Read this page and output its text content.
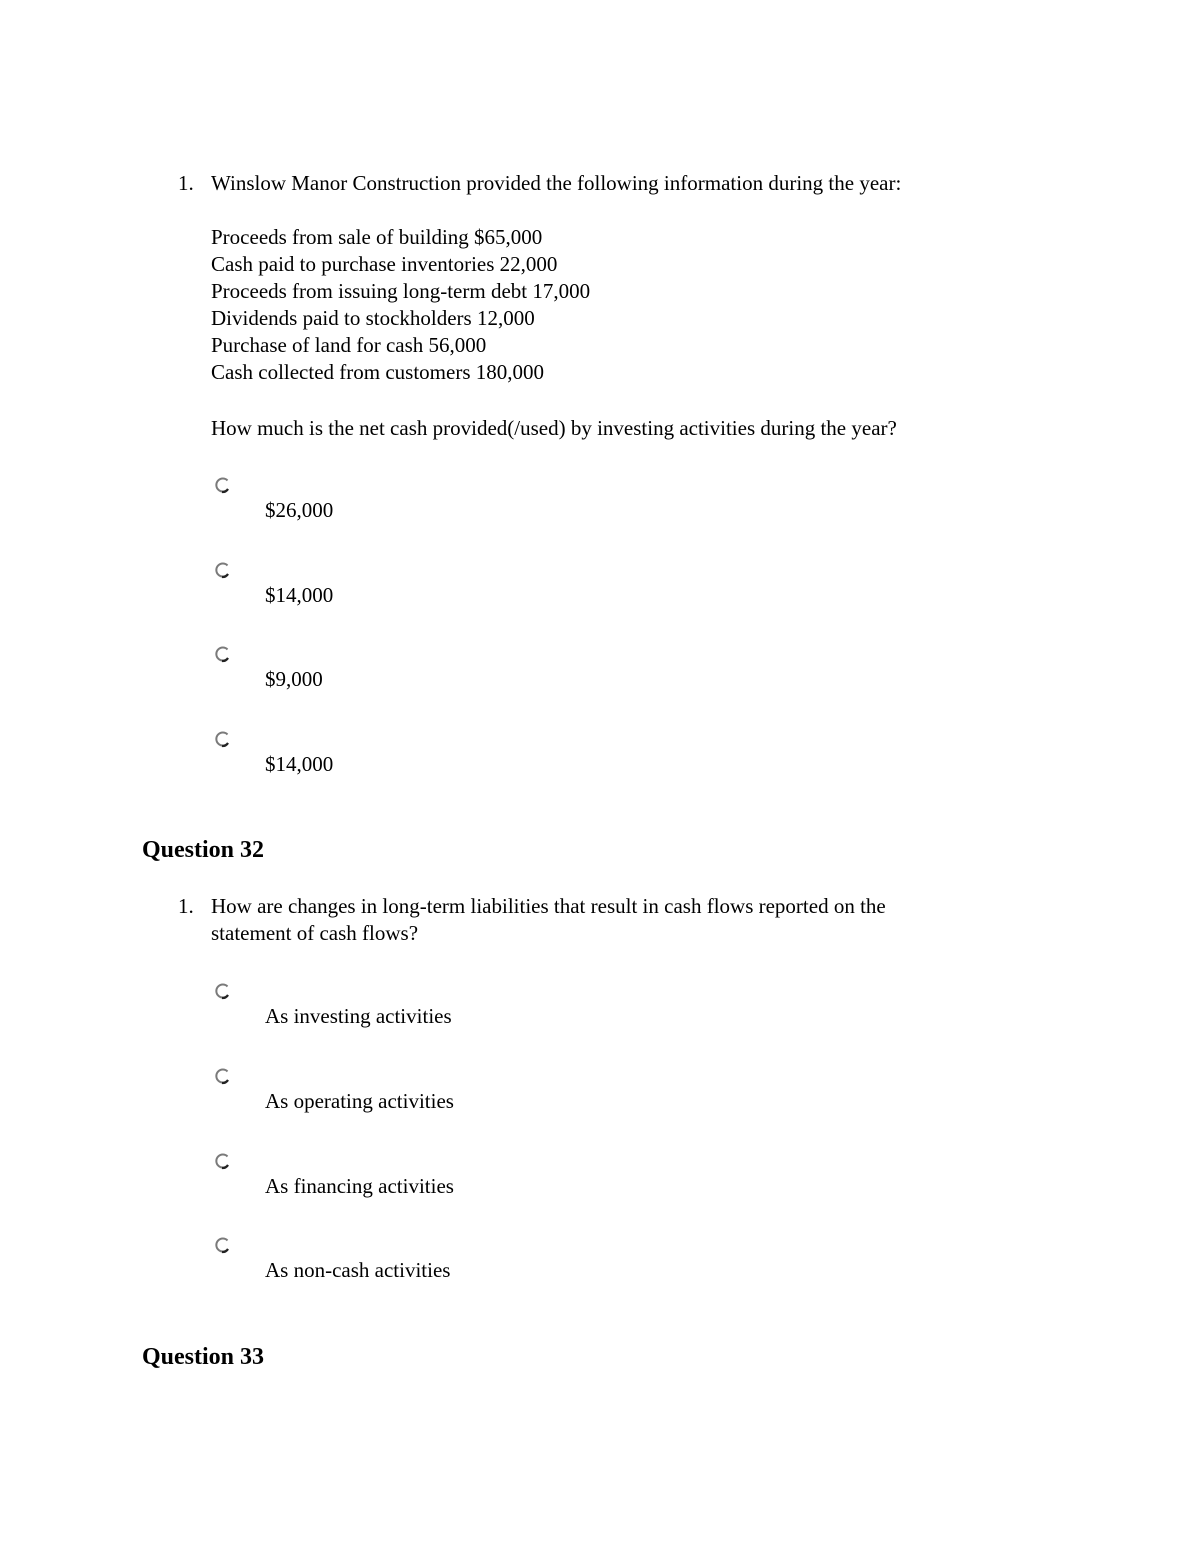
1. Winslow Manor Construction provided the following information during the year:
Proceeds from sale of building $65,000
Cash paid to purchase inventories 22,000
Proceeds from issuing long-term debt 17,000
Dividends paid to stockholders 12,000
Purchase of land for cash 56,000
Cash collected from customers 180,000
How much is the net cash provided(/used) by investing activities during the year?
$26,000
$14,000
$9,000
$14,000
Question 32
1. How are changes in long-term liabilities that result in cash flows reported on the
statement of cash flows?
As investing activities
As operating activities
As financing activities
As non-cash activities
Question 33
